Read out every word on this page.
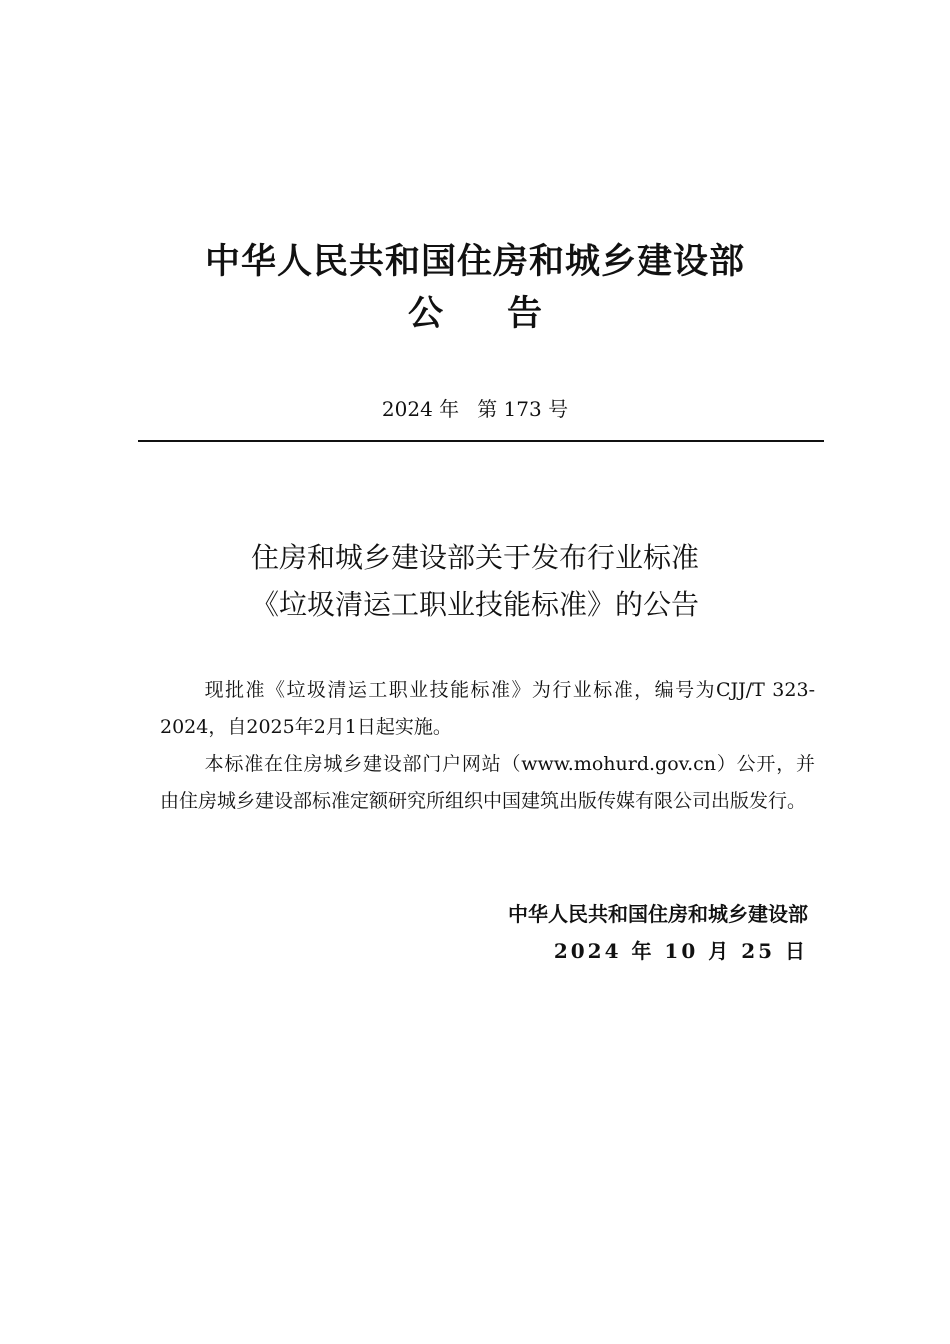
中华人民共和国住房和城乡建设部
公 告
2024 年 第 173 号
住房和城乡建设部关于发布行业标准
《垃圾清运工职业技能标准》的公告

现批准《垃圾清运工职业技能标准》为行业标准，编号为CJJ/T 323-2024，自2025年2月1日起实施。

本标准在住房城乡建设部门户网站（www.mohurd.gov.cn）公开，并由住房城乡建设部标准定额研究所组织中国建筑出版传媒有限公司出版发行。

中华人民共和国住房和城乡建设部
2024 年 10 月 25 日
